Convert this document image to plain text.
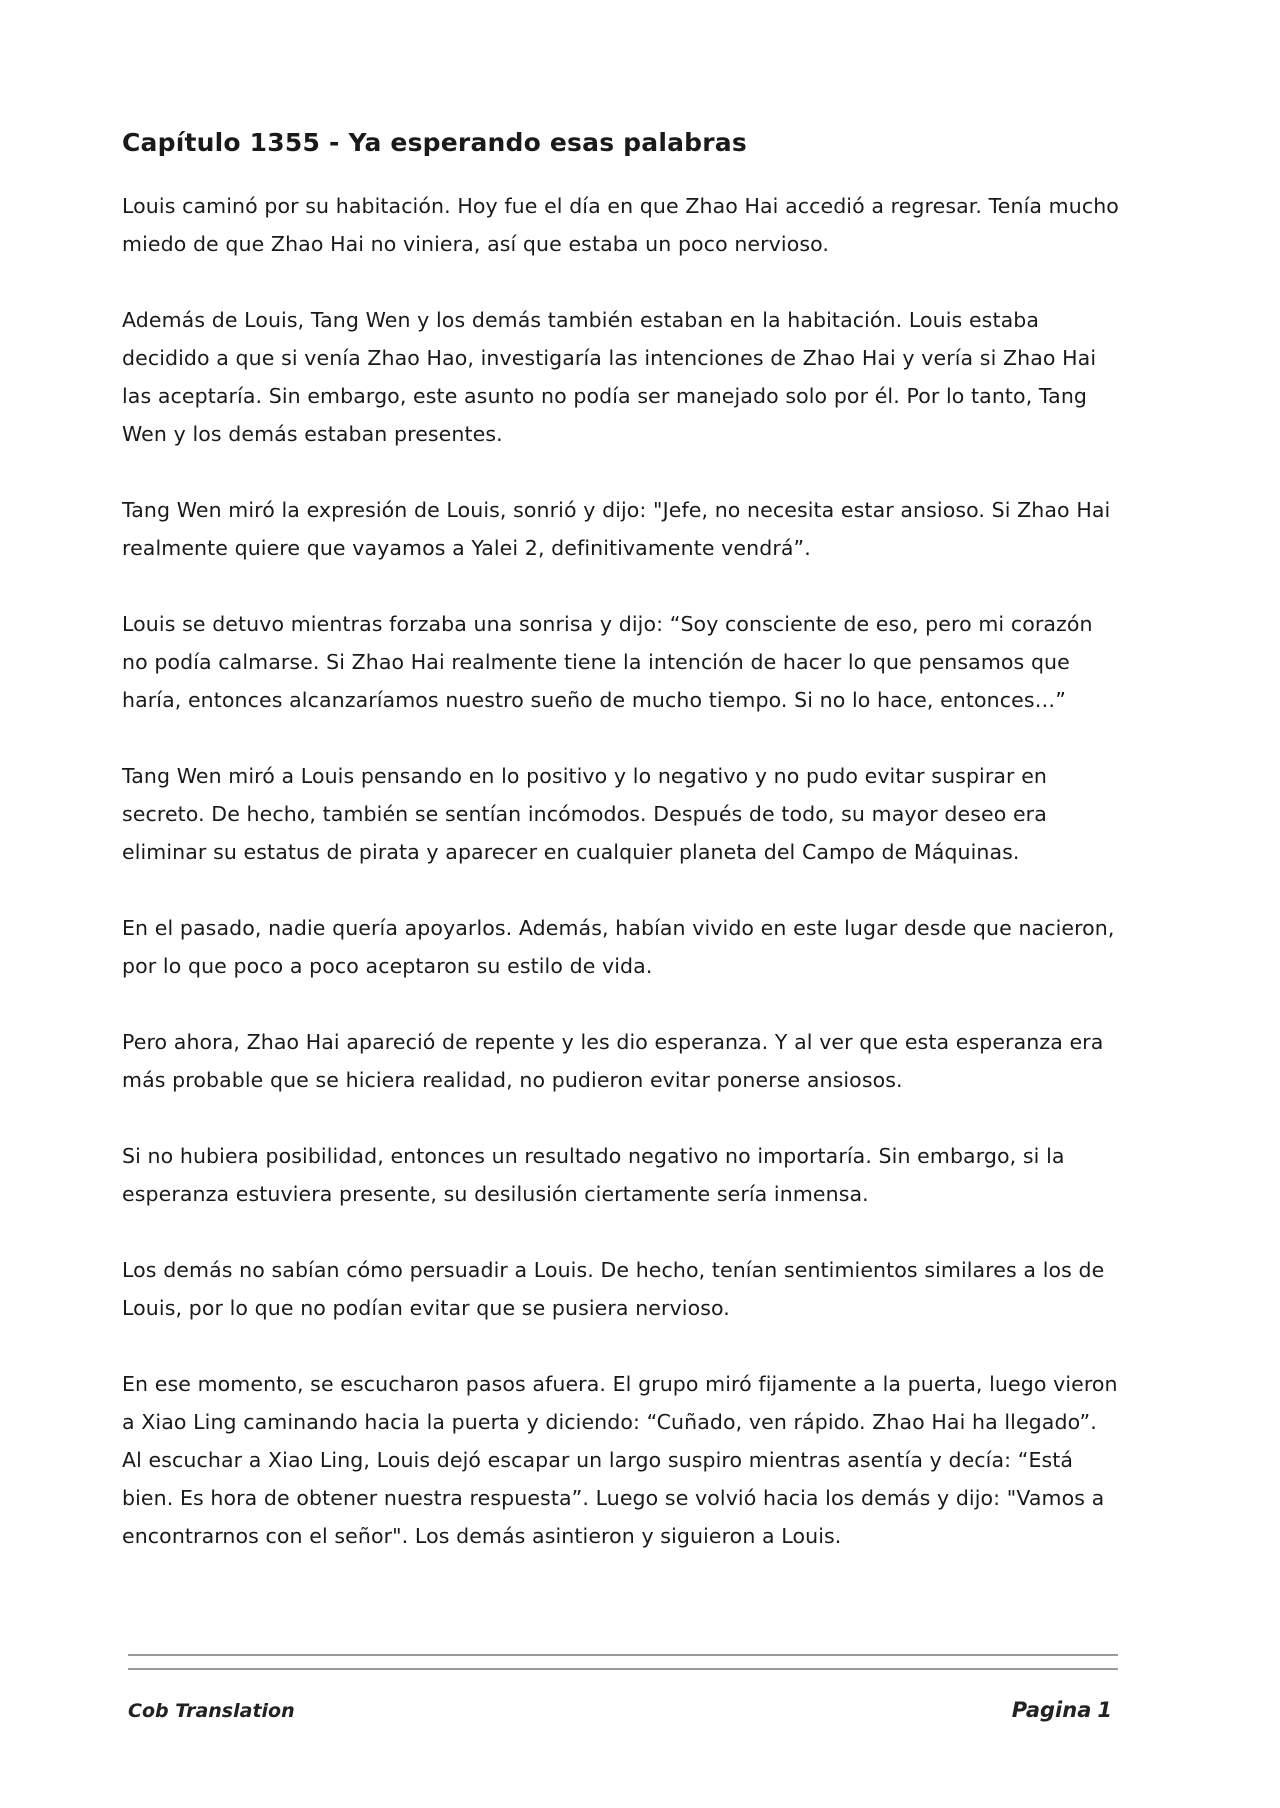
Capítulo 1355 - Ya esperando esas palabras

Louis caminó por su habitación. Hoy fue el día en que Zhao Hai accedió a regresar. Tenía mucho miedo de que Zhao Hai no viniera, así que estaba un poco nervioso.

Además de Louis, Tang Wen y los demás también estaban en la habitación. Louis estaba decidido a que si venía Zhao Hao, investigaría las intenciones de Zhao Hai y vería si Zhao Hai las aceptaría. Sin embargo, este asunto no podía ser manejado solo por él. Por lo tanto, Tang Wen y los demás estaban presentes.

Tang Wen miró la expresión de Louis, sonrió y dijo: "Jefe, no necesita estar ansioso. Si Zhao Hai realmente quiere que vayamos a Yalei 2, definitivamente vendrá”.

Louis se detuvo mientras forzaba una sonrisa y dijo: “Soy consciente de eso, pero mi corazón no podía calmarse. Si Zhao Hai realmente tiene la intención de hacer lo que pensamos que haría, entonces alcanzaríamos nuestro sueño de mucho tiempo. Si no lo hace, entonces…”

Tang Wen miró a Louis pensando en lo positivo y lo negativo y no pudo evitar suspirar en secreto. De hecho, también se sentían incómodos. Después de todo, su mayor deseo era eliminar su estatus de pirata y aparecer en cualquier planeta del Campo de Máquinas.

En el pasado, nadie quería apoyarlos. Además, habían vivido en este lugar desde que nacieron, por lo que poco a poco aceptaron su estilo de vida.

Pero ahora, Zhao Hai apareció de repente y les dio esperanza. Y al ver que esta esperanza era más probable que se hiciera realidad, no pudieron evitar ponerse ansiosos.

Si no hubiera posibilidad, entonces un resultado negativo no importaría. Sin embargo, si la esperanza estuviera presente, su desilusión ciertamente sería inmensa.

Los demás no sabían cómo persuadir a Louis. De hecho, tenían sentimientos similares a los de Louis, por lo que no podían evitar que se pusiera nervioso.

En ese momento, se escucharon pasos afuera. El grupo miró fijamente a la puerta, luego vieron a Xiao Ling caminando hacia la puerta y diciendo: “Cuñado, ven rápido. Zhao Hai ha llegado”. Al escuchar a Xiao Ling, Louis dejó escapar un largo suspiro mientras asentía y decía: “Está bien. Es hora de obtener nuestra respuesta”. Luego se volvió hacia los demás y dijo: "Vamos a encontrarnos con el señor". Los demás asintieron y siguieron a Louis.

Cob Translation	Pagina 1
